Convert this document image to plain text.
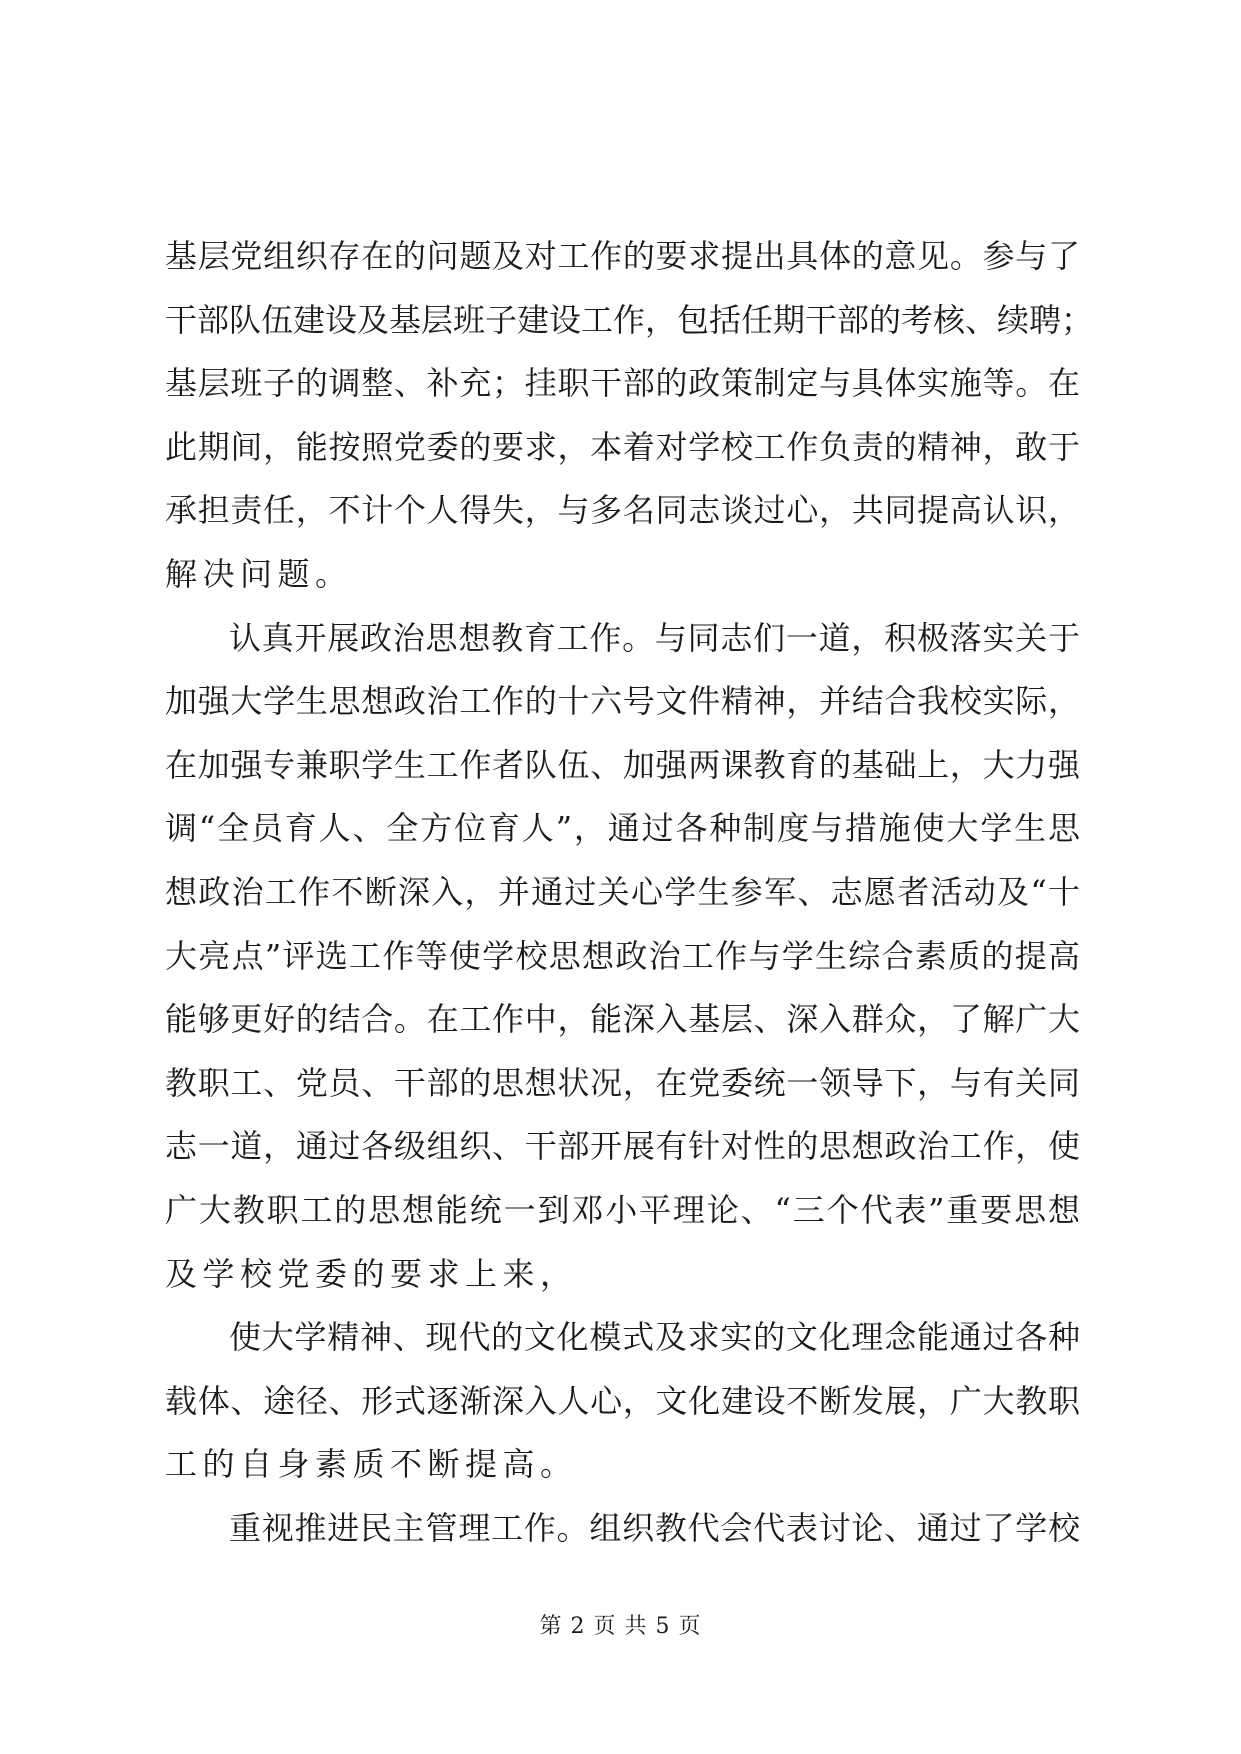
基层党组织存在的问题及对工作的要求提出具体的意见。参与了
干部队伍建设及基层班子建设工作，包括任期干部的考核、续聘；
基层班子的调整、补充；挂职干部的政策制定与具体实施等。在
此期间，能按照党委的要求，本着对学校工作负责的精神，敢于
承担责任，不计个人得失，与多名同志谈过心，共同提高认识，
解决问题。
认真开展政治思想教育工作。与同志们一道，积极落实关于
加强大学生思想政治工作的十六号文件精神，并结合我校实际，
在加强专兼职学生工作者队伍、加强两课教育的基础上，大力强
调“全员育人、全方位育人”，通过各种制度与措施使大学生思
想政治工作不断深入，并通过关心学生参军、志愿者活动及“十
大亮点”评选工作等使学校思想政治工作与学生综合素质的提高
能够更好的结合。在工作中，能深入基层、深入群众，了解广大
教职工、党员、干部的思想状况，在党委统一领导下，与有关同
志一道，通过各级组织、干部开展有针对性的思想政治工作，使
广大教职工的思想能统一到邓小平理论、“三个代表”重要思想
及学校党委的要求上来，
使大学精神、现代的文化模式及求实的文化理念能通过各种
载体、途径、形式逐渐深入人心，文化建设不断发展，广大教职
工的自身素质不断提高。
重视推进民主管理工作。组织教代会代表讨论、通过了学校
第 2 页 共 5 页
